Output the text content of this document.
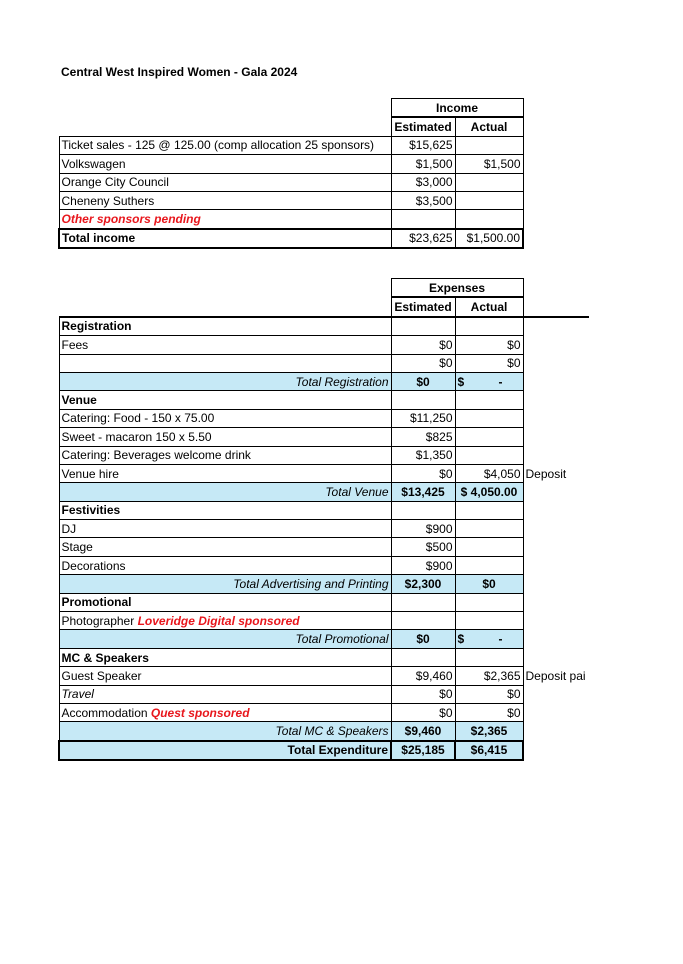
Central West Inspired Women - Gala 2024
	Income	
	Estimated	Actual
Ticket sales - 125 @ 125.00 (comp allocation 25 sponsors)	$15,625	
Volkswagen	$1,500	$1,500
Orange City Council	$3,000	
Cheneny Suthers	$3,500	
Other sponsors pending		
Total income	$23,625	$1,500.00
	Expenses		
	Estimated	Actual	
Registration			
Fees	$0	$0	
	$0	$0	
Total Registration	$0	$ -	

Venue			
Catering: Food - 150 x 75.00	$11,250		
Sweet - macaron 150 x 5.50	$825		
Catering: Beverages welcome drink	$1,350		
Venue hire	$0	$4,050	Deposit
Total Venue	$13,425	$ 4,050.00	
Festivities			
DJ	$900		
Stage	$500		
Decorations	$900		
Total Advertising and Printing	$2,300	$0	
Promotional			
Photographer Loveridge Digital sponsored			
Total Promotional	$0	$ -	

MC & Speakers			
Guest Speaker	$9,460	$2,365	Deposit pai
Travel	$0	$0	
Accommodation Quest sponsored	$0	$0	
Total MC & Speakers	$9,460	$2,365	
Total Expenditure	$25,185	$6,415	
